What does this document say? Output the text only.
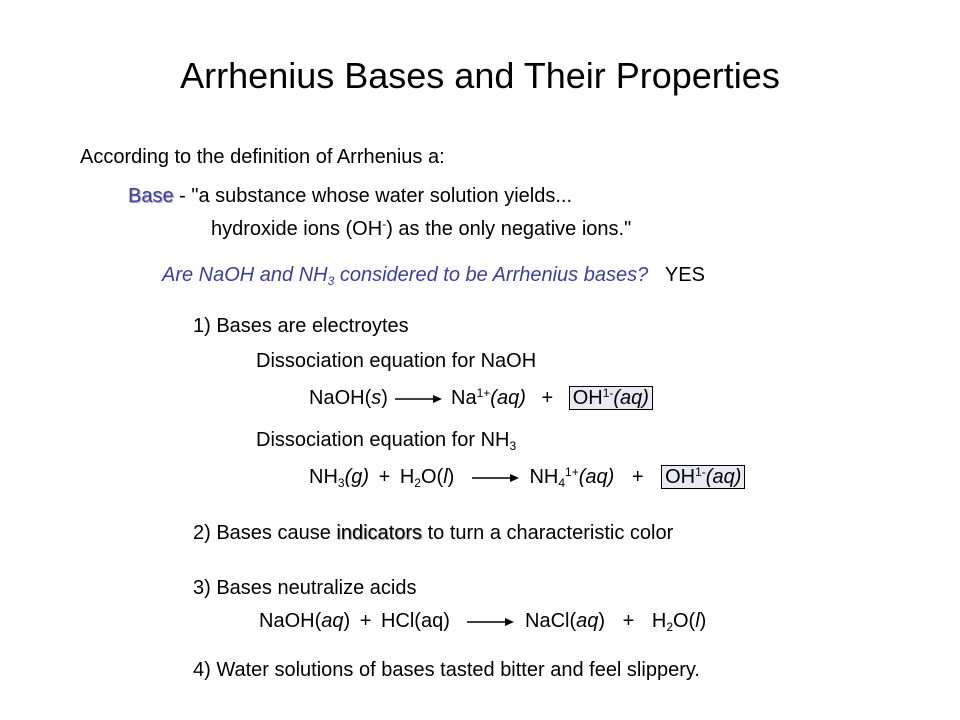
Arrhenius Bases and Their Properties
According to the definition of Arrhenius a:
Base - "a substance whose water solution yields...
hydroxide ions (OH-) as the only negative ions."
Are NaOH and $NH_3$ considered to be Arrhenius bases? YES
1) Bases are electroytes
Dissociation equation for NaOH
NaOH(s) → $Na^{1+}(aq) + OH^{1-}(aq)$
Dissociation equation for $NH_3$
$NH_3(g) + H_2O(l) \to NH_4^{1+}(aq) + OH^{1-}(aq)$
2) Bases cause indicators to turn a characteristic color
3) Bases neutralize acids
NaOH(aq) + HCl(aq) → NaCl(aq) + $H_2O(l)$
4) Water solutions of bases tasted bitter and feel slippery.
